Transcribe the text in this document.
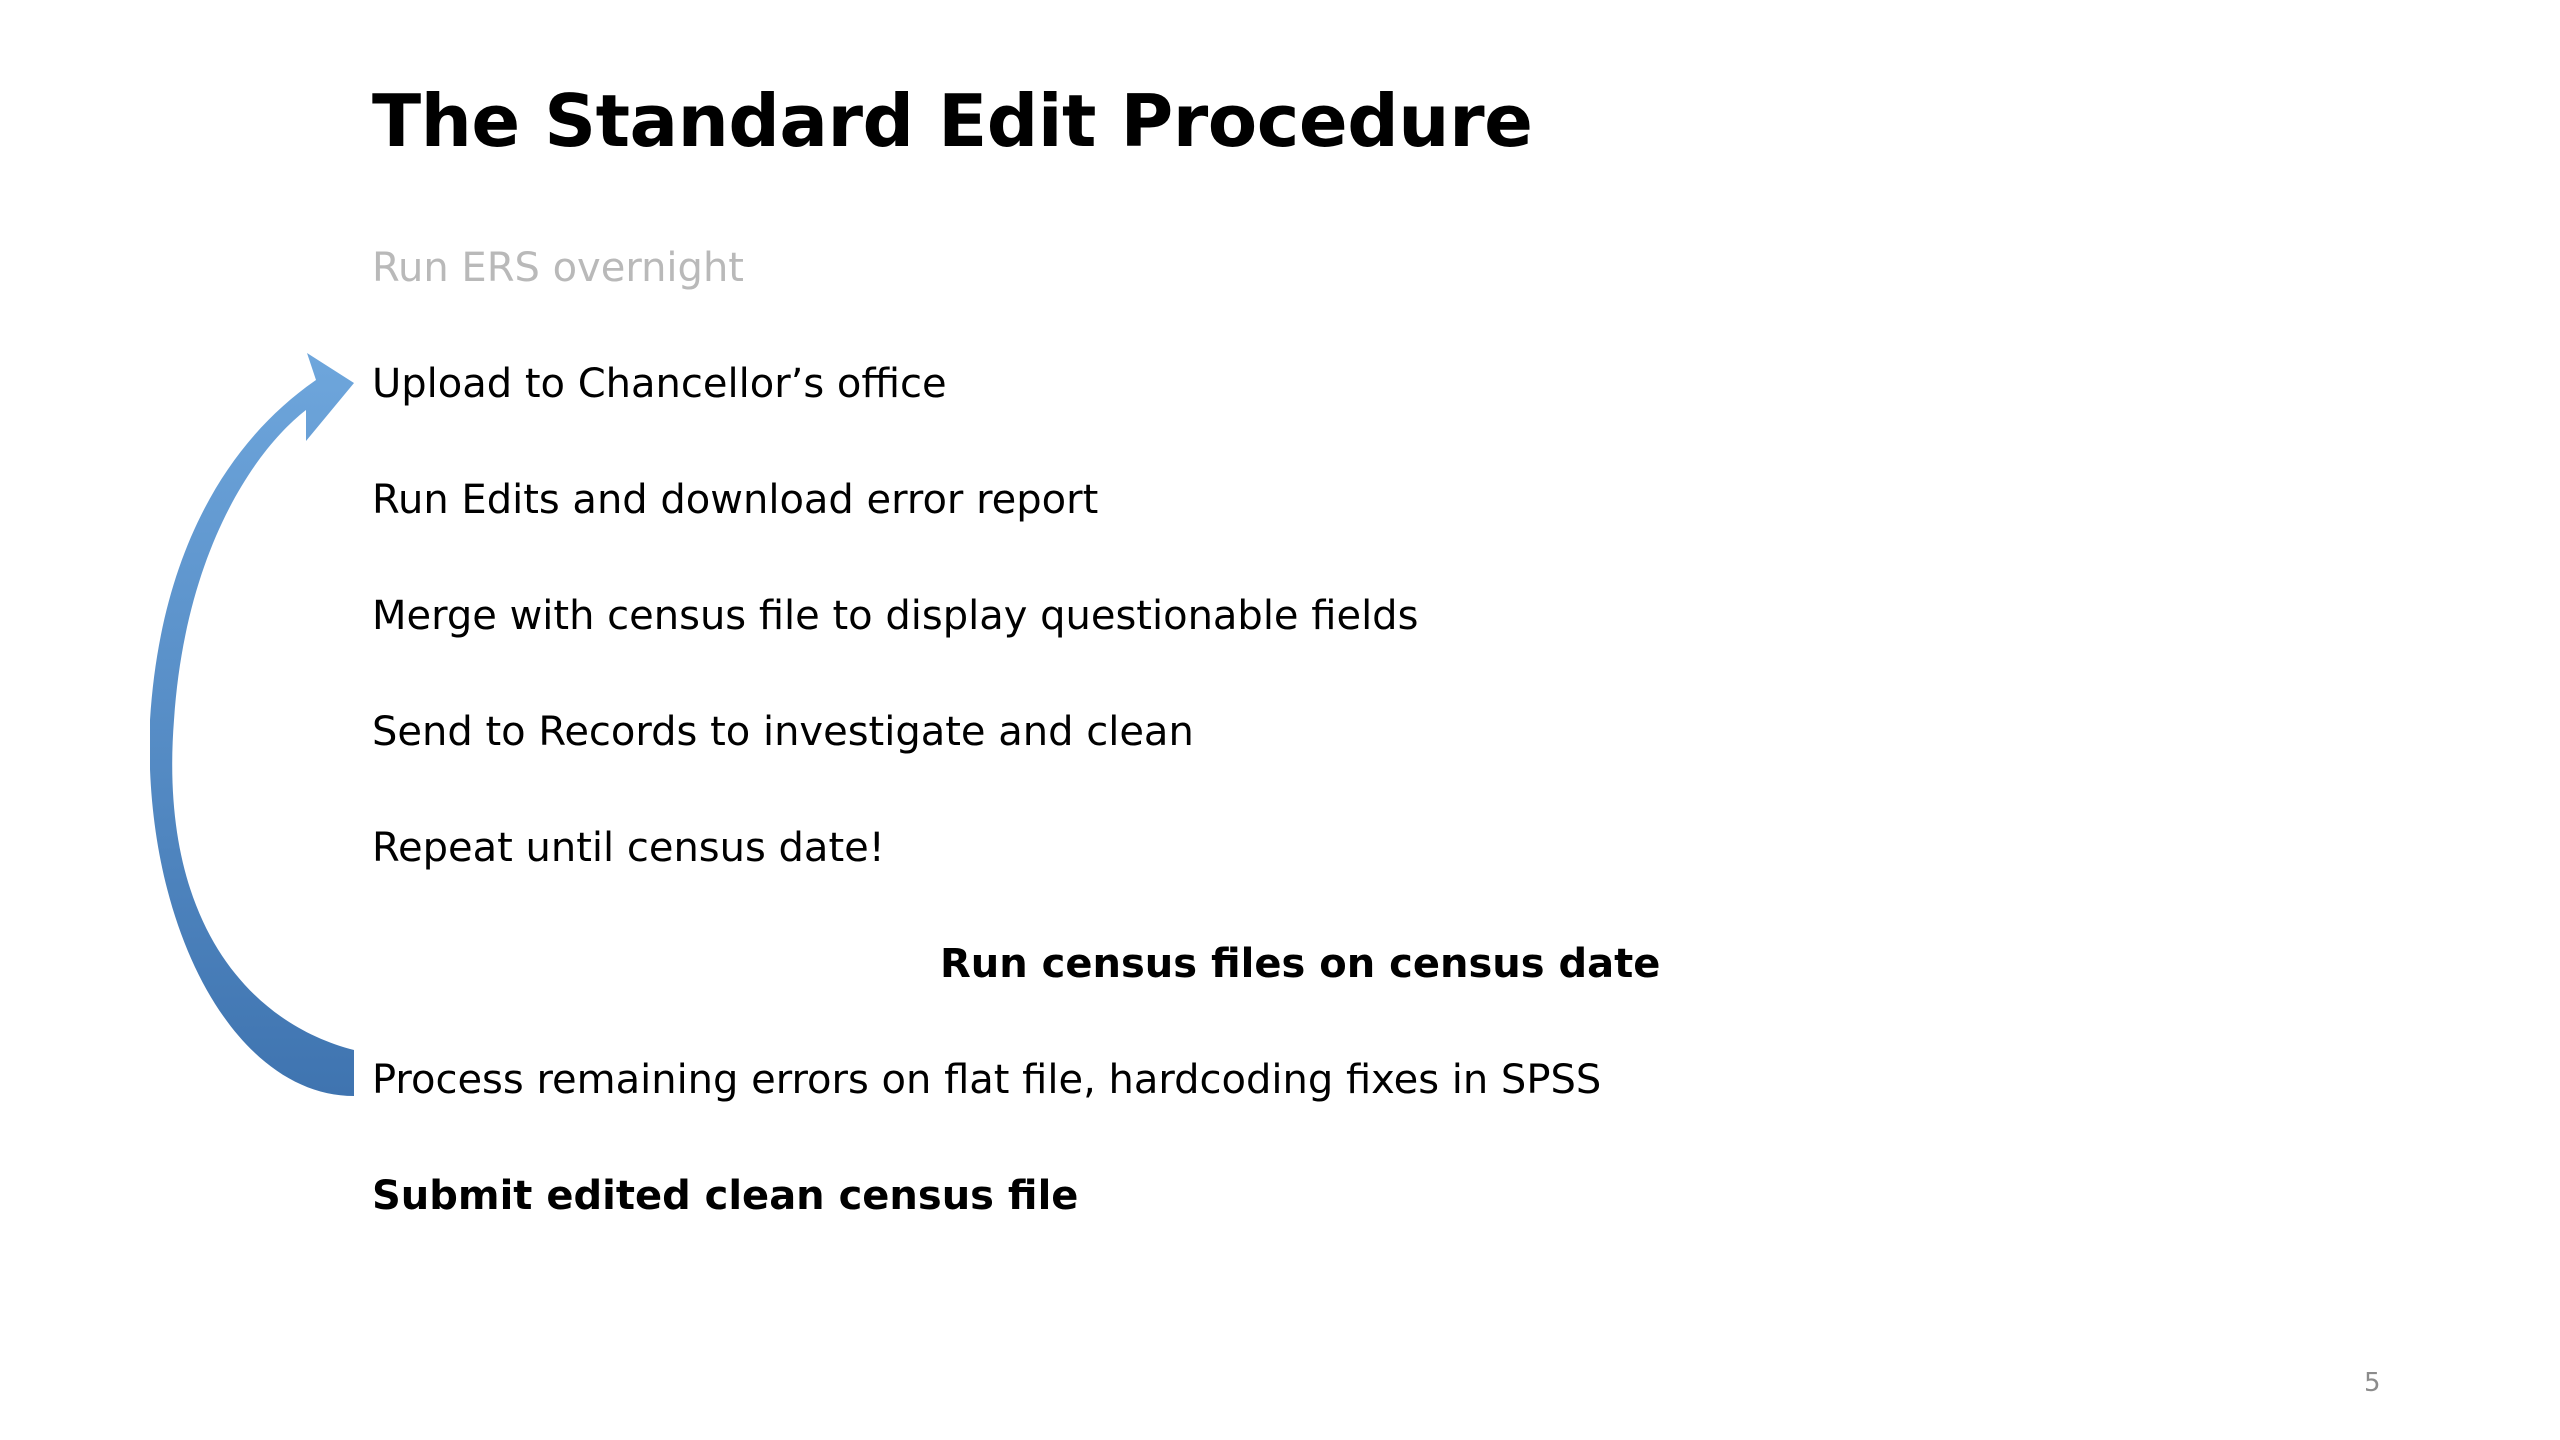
The Standard Edit Procedure
Run ERS overnight
Upload to Chancellor’s office
Run Edits and download error report
Merge with census file to display questionable fields
Send to Records to investigate and clean
Repeat until census date!
Run census files on census date
Process remaining errors on flat file, hardcoding fixes in SPSS
Submit edited clean census file
5
